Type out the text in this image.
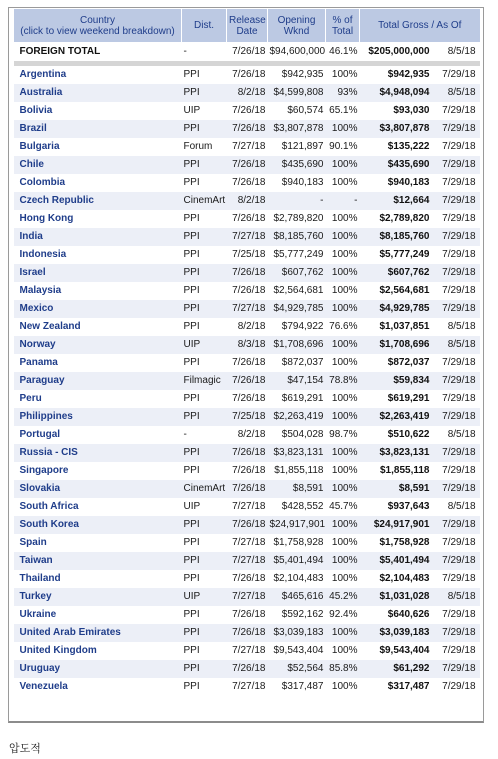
Country
(click to view weekend breakdown)	Dist.	Release Date	Opening Wknd	% of Total	Total Gross / As Of	
FOREIGN TOTAL	-	7/26/18	$94,600,000	46.1%	$205,000,000	8/5/18

Argentina	PPI	7/26/18	$942,935	100%	$942,935	7/29/18
Australia	PPI	8/2/18	$4,599,808	93%	$4,948,094	8/5/18
Bolivia	UIP	7/26/18	$60,574	65.1%	$93,030	7/29/18
Brazil	PPI	7/26/18	$3,807,878	100%	$3,807,878	7/29/18
Bulgaria	Forum	7/27/18	$121,897	90.1%	$135,222	7/29/18
Chile	PPI	7/26/18	$435,690	100%	$435,690	7/29/18
Colombia	PPI	7/26/18	$940,183	100%	$940,183	7/29/18
Czech Republic	CinemArt	8/2/18	-	-	$12,664	7/29/18
Hong Kong	PPI	7/26/18	$2,789,820	100%	$2,789,820	7/29/18
India	PPI	7/27/18	$8,185,760	100%	$8,185,760	7/29/18
Indonesia	PPI	7/25/18	$5,777,249	100%	$5,777,249	7/29/18
Israel	PPI	7/26/18	$607,762	100%	$607,762	7/29/18
Malaysia	PPI	7/26/18	$2,564,681	100%	$2,564,681	7/29/18
Mexico	PPI	7/27/18	$4,929,785	100%	$4,929,785	7/29/18
New Zealand	PPI	8/2/18	$794,922	76.6%	$1,037,851	8/5/18
Norway	UIP	8/3/18	$1,708,696	100%	$1,708,696	8/5/18
Panama	PPI	7/26/18	$872,037	100%	$872,037	7/29/18
Paraguay	Filmagic	7/26/18	$47,154	78.8%	$59,834	7/29/18
Peru	PPI	7/26/18	$619,291	100%	$619,291	7/29/18
Philippines	PPI	7/25/18	$2,263,419	100%	$2,263,419	7/29/18
Portugal	-	8/2/18	$504,028	98.7%	$510,622	8/5/18
Russia - CIS	PPI	7/26/18	$3,823,131	100%	$3,823,131	7/29/18
Singapore	PPI	7/26/18	$1,855,118	100%	$1,855,118	7/29/18
Slovakia	CinemArt	7/26/18	$8,591	100%	$8,591	7/29/18
South Africa	UIP	7/27/18	$428,552	45.7%	$937,643	8/5/18
South Korea	PPI	7/26/18	$24,917,901	100%	$24,917,901	7/29/18
Spain	PPI	7/27/18	$1,758,928	100%	$1,758,928	7/29/18
Taiwan	PPI	7/27/18	$5,401,494	100%	$5,401,494	7/29/18
Thailand	PPI	7/26/18	$2,104,483	100%	$2,104,483	7/29/18
Turkey	UIP	7/27/18	$465,616	45.2%	$1,031,028	8/5/18
Ukraine	PPI	7/26/18	$592,162	92.4%	$640,626	7/29/18
United Arab Emirates	PPI	7/26/18	$3,039,183	100%	$3,039,183	7/29/18
United Kingdom	PPI	7/27/18	$9,543,404	100%	$9,543,404	7/29/18
Uruguay	PPI	7/26/18	$52,564	85.8%	$61,292	7/29/18
Venezuela	PPI	7/27/18	$317,487	100%	$317,487	7/29/18
압도적
